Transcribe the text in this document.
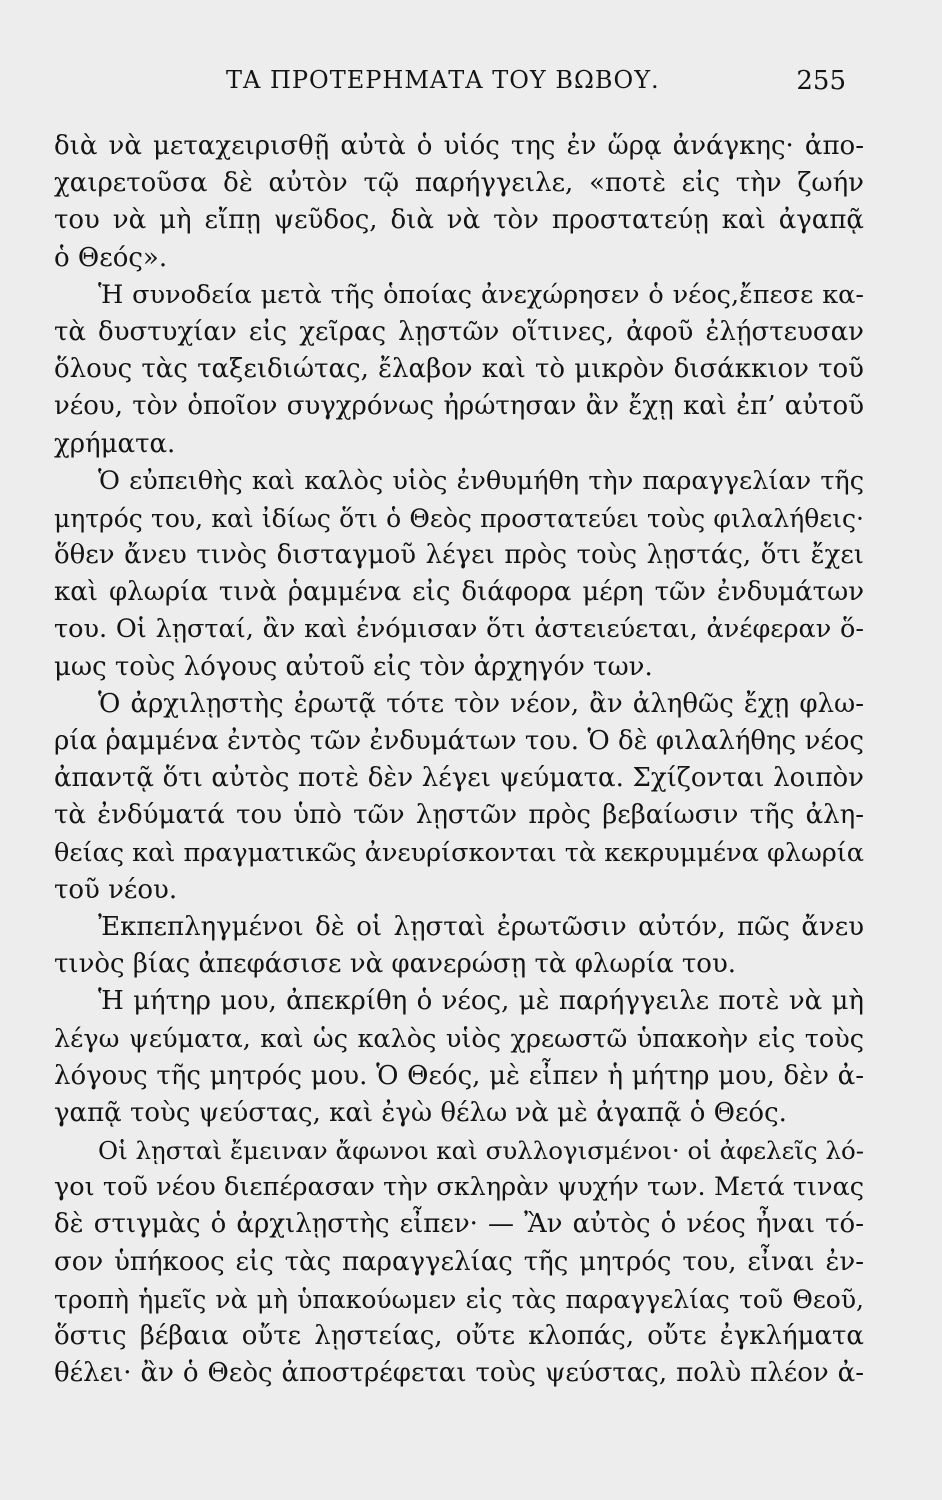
ΤΑ ΠΡΟΤΕΡΗΜΑΤΑ ΤΟΥ ΒΩΒΟΥ.	255
διὰ νὰ μεταχειρισθῇ αὐτὰ ὁ υἱός της ἐν ὥρᾳ ἀνάγκης· ἀπο-
χαιρετοῦσα δὲ αὐτὸν τῷ παρήγγειλε, «ποτὲ εἰς τὴν ζωήν
του νὰ μὴ εἴπῃ ψεῦδος, διὰ νὰ τὸν προστατεύῃ καὶ ἀγαπᾷ
ὁ Θεός».
Ἡ συνοδεία μετὰ τῆς ὁποίας ἀνεχώρησεν ὁ νέος,ἔπεσε κα-
τὰ δυστυχίαν εἰς χεῖρας λῃστῶν οἵτινες, ἀφοῦ ἐλῄστευσαν
ὅλους τὰς ταξειδιώτας, ἔλαβον καὶ τὸ μικρὸν δισάκκιον τοῦ
νέου, τὸν ὁποῖον συγχρόνως ἠρώτησαν ἂν ἔχῃ καὶ ἐπ’ αὐτοῦ
χρήματα.
Ὁ εὐπειθὴς καὶ καλὸς υἱὸς ἐνθυμήθη τὴν παραγγελίαν τῆς
μητρός του, καὶ ἰδίως ὅτι ὁ Θεὸς προστατεύει τοὺς φιλαλήθεις·
ὅθεν ἄνευ τινὸς δισταγμοῦ λέγει πρὸς τοὺς λῃστάς, ὅτι ἔχει
καὶ φλωρία τινὰ ῥαμμένα εἰς διάφορα μέρη τῶν ἐνδυμάτων
του. Οἱ λῃσταί, ἂν καὶ ἐνόμισαν ὅτι ἀστειεύεται, ἀνέφεραν ὅ-
μως τοὺς λόγους αὐτοῦ εἰς τὸν ἀρχηγόν των.
Ὁ ἀρχιλῃστὴς ἐρωτᾷ τότε τὸν νέον, ἂν ἀληθῶς ἔχῃ φλω-
ρία ῥαμμένα ἐντὸς τῶν ἐνδυμάτων του. Ὁ δὲ φιλαλήθης νέος
ἀπαντᾷ ὅτι αὐτὸς ποτὲ δὲν λέγει ψεύματα. Σχίζονται λοιπὸν
τὰ ἐνδύματά του ὑπὸ τῶν λῃστῶν πρὸς βεβαίωσιν τῆς ἀλη-
θείας καὶ πραγματικῶς ἀνευρίσκονται τὰ κεκρυμμένα φλωρία
τοῦ νέου.
Ἐκπεπληγμένοι δὲ οἱ λῃσταὶ ἐρωτῶσιν αὐτόν, πῶς ἄνευ
τινὸς βίας ἀπεφάσισε νὰ φανερώσῃ τὰ φλωρία του.
Ἡ μήτηρ μου, ἀπεκρίθη ὁ νέος, μὲ παρήγγειλε ποτὲ νὰ μὴ
λέγω ψεύματα, καὶ ὡς καλὸς υἱὸς χρεωστῶ ὑπακοὴν εἰς τοὺς
λόγους τῆς μητρός μου. Ὁ Θεός, μὲ εἶπεν ἡ μήτηρ μου, δὲν ἀ-
γαπᾷ τοὺς ψεύστας, καὶ ἐγὼ θέλω νὰ μὲ ἀγαπᾷ ὁ Θεός.
Οἱ λῃσταὶ ἔμειναν ἄφωνοι καὶ συλλογισμένοι· οἱ ἀφελεῖς λό-
γοι τοῦ νέου διεπέρασαν τὴν σκληρὰν ψυχήν των. Μετά τινας
δὲ στιγμὰς ὁ ἀρχιλῃστὴς εἶπεν· — Ἂν αὐτὸς ὁ νέος ἦναι τό-
σον ὑπήκοος εἰς τὰς παραγγελίας τῆς μητρός του, εἶναι ἐν-
τροπὴ ἡμεῖς νὰ μὴ ὑπακούωμεν εἰς τὰς παραγγελίας τοῦ Θεοῦ,
ὅστις βέβαια οὔτε λῃστείας, οὔτε κλοπάς, οὔτε ἐγκλήματα
θέλει· ἂν ὁ Θεὸς ἀποστρέφεται τοὺς ψεύστας, πολὺ πλέον ἀ-
